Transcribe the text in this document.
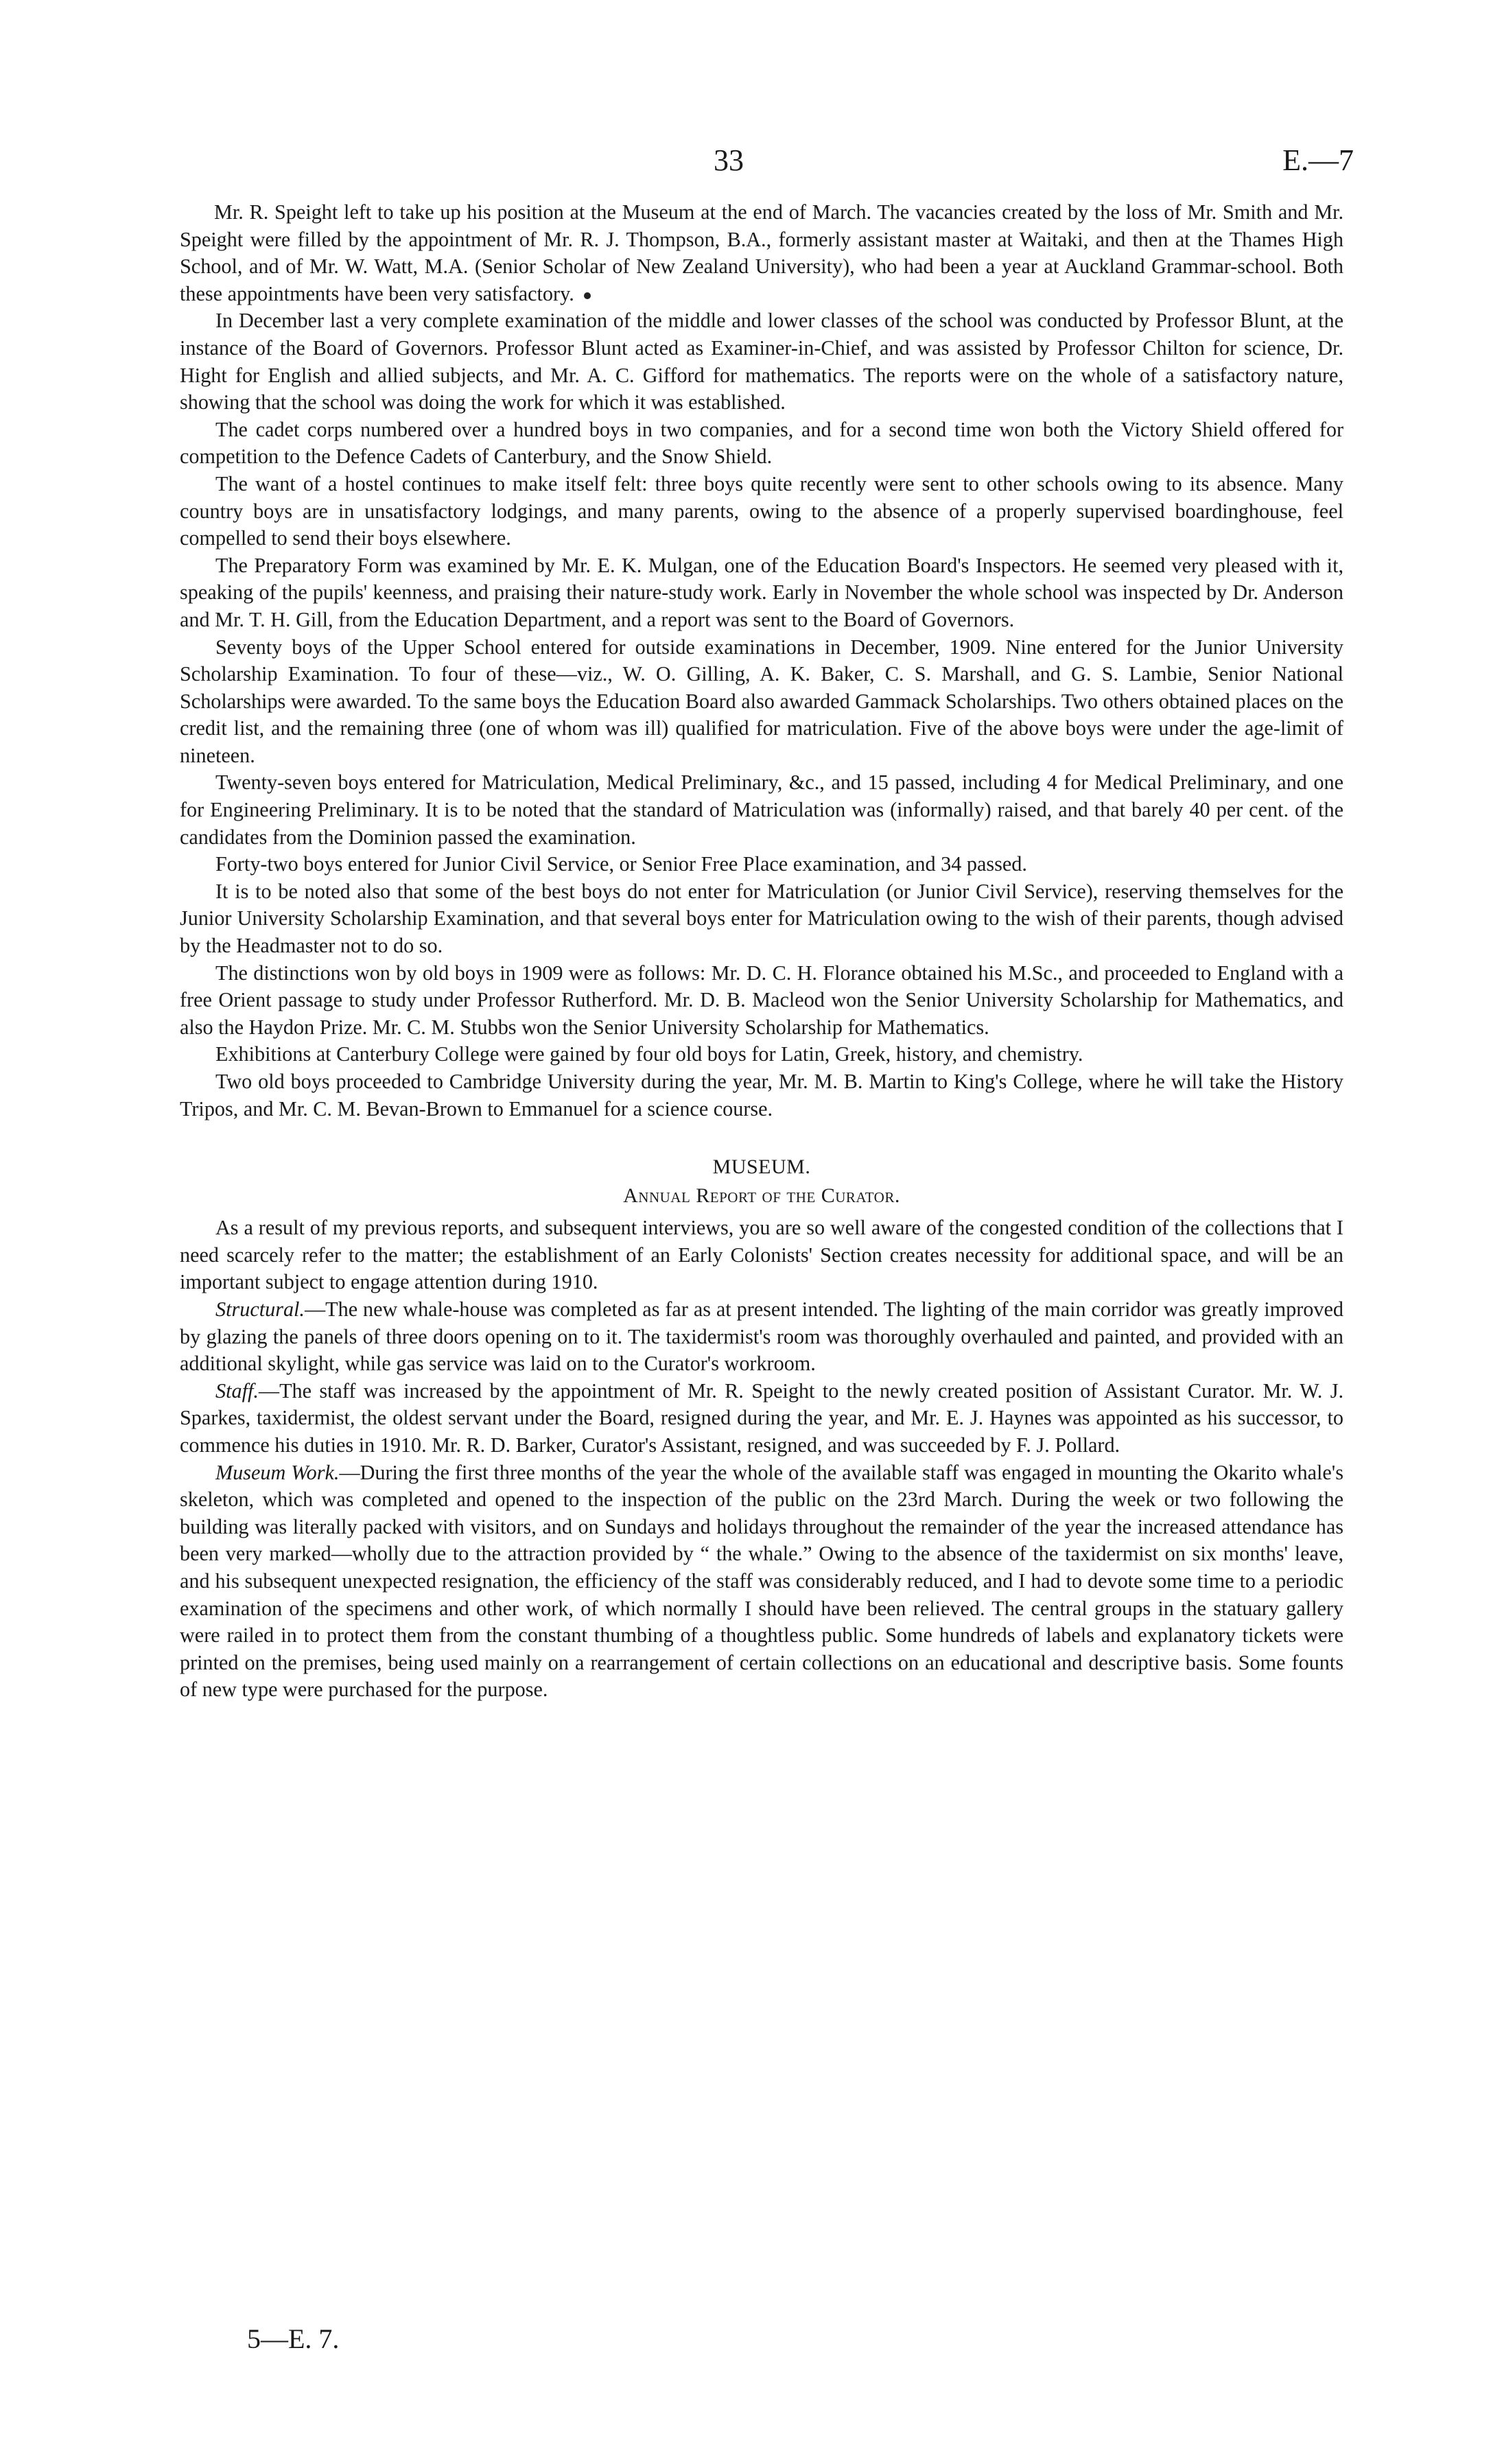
33	E.—7

Mr. R. Speight left to take up his position at the Museum at the end of March. The vacancies created by the loss of Mr. Smith and Mr. Speight were filled by the appointment of Mr. R. J. Thompson, B.A., formerly assistant master at Waitaki, and then at the Thames High School, and of Mr. W. Watt, M.A. (Senior Scholar of New Zealand University), who had been a year at Auckland Grammar-school. Both these appointments have been very satisfactory.

In December last a very complete examination of the middle and lower classes of the school was conducted by Professor Blunt, at the instance of the Board of Governors. Professor Blunt acted as Examiner-in-Chief, and was assisted by Professor Chilton for science, Dr. Hight for English and allied subjects, and Mr. A. C. Gifford for mathematics. The reports were on the whole of a satisfactory nature, showing that the school was doing the work for which it was established.

The cadet corps numbered over a hundred boys in two companies, and for a second time won both the Victory Shield offered for competition to the Defence Cadets of Canterbury, and the Snow Shield.

The want of a hostel continues to make itself felt: three boys quite recently were sent to other schools owing to its absence. Many country boys are in unsatisfactory lodgings, and many parents, owing to the absence of a properly supervised boardinghouse, feel compelled to send their boys elsewhere.

The Preparatory Form was examined by Mr. E. K. Mulgan, one of the Education Board's Inspectors. He seemed very pleased with it, speaking of the pupils' keenness, and praising their nature-study work. Early in November the whole school was inspected by Dr. Anderson and Mr. T. H. Gill, from the Education Department, and a report was sent to the Board of Governors.

Seventy boys of the Upper School entered for outside examinations in December, 1909. Nine entered for the Junior University Scholarship Examination. To four of these—viz., W. O. Gilling, A. K. Baker, C. S. Marshall, and G. S. Lambie, Senior National Scholarships were awarded. To the same boys the Education Board also awarded Gammack Scholarships. Two others obtained places on the credit list, and the remaining three (one of whom was ill) qualified for matriculation. Five of the above boys were under the age-limit of nineteen.

Twenty-seven boys entered for Matriculation, Medical Preliminary, &c., and 15 passed, including 4 for Medical Preliminary, and one for Engineering Preliminary. It is to be noted that the standard of Matriculation was (informally) raised, and that barely 40 per cent. of the candidates from the Dominion passed the examination.

Forty-two boys entered for Junior Civil Service, or Senior Free Place examination, and 34 passed.

It is to be noted also that some of the best boys do not enter for Matriculation (or Junior Civil Service), reserving themselves for the Junior University Scholarship Examination, and that several boys enter for Matriculation owing to the wish of their parents, though advised by the Headmaster not to do so.

The distinctions won by old boys in 1909 were as follows: Mr. D. C. H. Florance obtained his M.Sc., and proceeded to England with a free Orient passage to study under Professor Rutherford. Mr. D. B. Macleod won the Senior University Scholarship for Mathematics, and also the Haydon Prize. Mr. C. M. Stubbs won the Senior University Scholarship for Mathematics.

Exhibitions at Canterbury College were gained by four old boys for Latin, Greek, history, and chemistry.

Two old boys proceeded to Cambridge University during the year, Mr. M. B. Martin to King's College, where he will take the History Tripos, and Mr. C. M. Bevan-Brown to Emmanuel for a science course.

MUSEUM.
Annual Report of the Curator.

As a result of my previous reports, and subsequent interviews, you are so well aware of the congested condition of the collections that I need scarcely refer to the matter; the establishment of an Early Colonists' Section creates necessity for additional space, and will be an important subject to engage attention during 1910.

Structural.—The new whale-house was completed as far as at present intended. The lighting of the main corridor was greatly improved by glazing the panels of three doors opening on to it. The taxidermist's room was thoroughly overhauled and painted, and provided with an additional skylight, while gas service was laid on to the Curator's workroom.

Staff.—The staff was increased by the appointment of Mr. R. Speight to the newly created position of Assistant Curator. Mr. W. J. Sparkes, taxidermist, the oldest servant under the Board, resigned during the year, and Mr. E. J. Haynes was appointed as his successor, to commence his duties in 1910. Mr. R. D. Barker, Curator's Assistant, resigned, and was succeeded by F. J. Pollard.

Museum Work.—During the first three months of the year the whole of the available staff was engaged in mounting the Okarito whale's skeleton, which was completed and opened to the inspection of the public on the 23rd March. During the week or two following the building was literally packed with visitors, and on Sundays and holidays throughout the remainder of the year the increased attendance has been very marked—wholly due to the attraction provided by “ the whale.” Owing to the absence of the taxidermist on six months' leave, and his subsequent unexpected resignation, the efficiency of the staff was considerably reduced, and I had to devote some time to a periodic examination of the specimens and other work, of which normally I should have been relieved. The central groups in the statuary gallery were railed in to protect them from the constant thumbing of a thoughtless public. Some hundreds of labels and explanatory tickets were printed on the premises, being used mainly on a rearrangement of certain collections on an educational and descriptive basis. Some founts of new type were purchased for the purpose.

5—E. 7.
